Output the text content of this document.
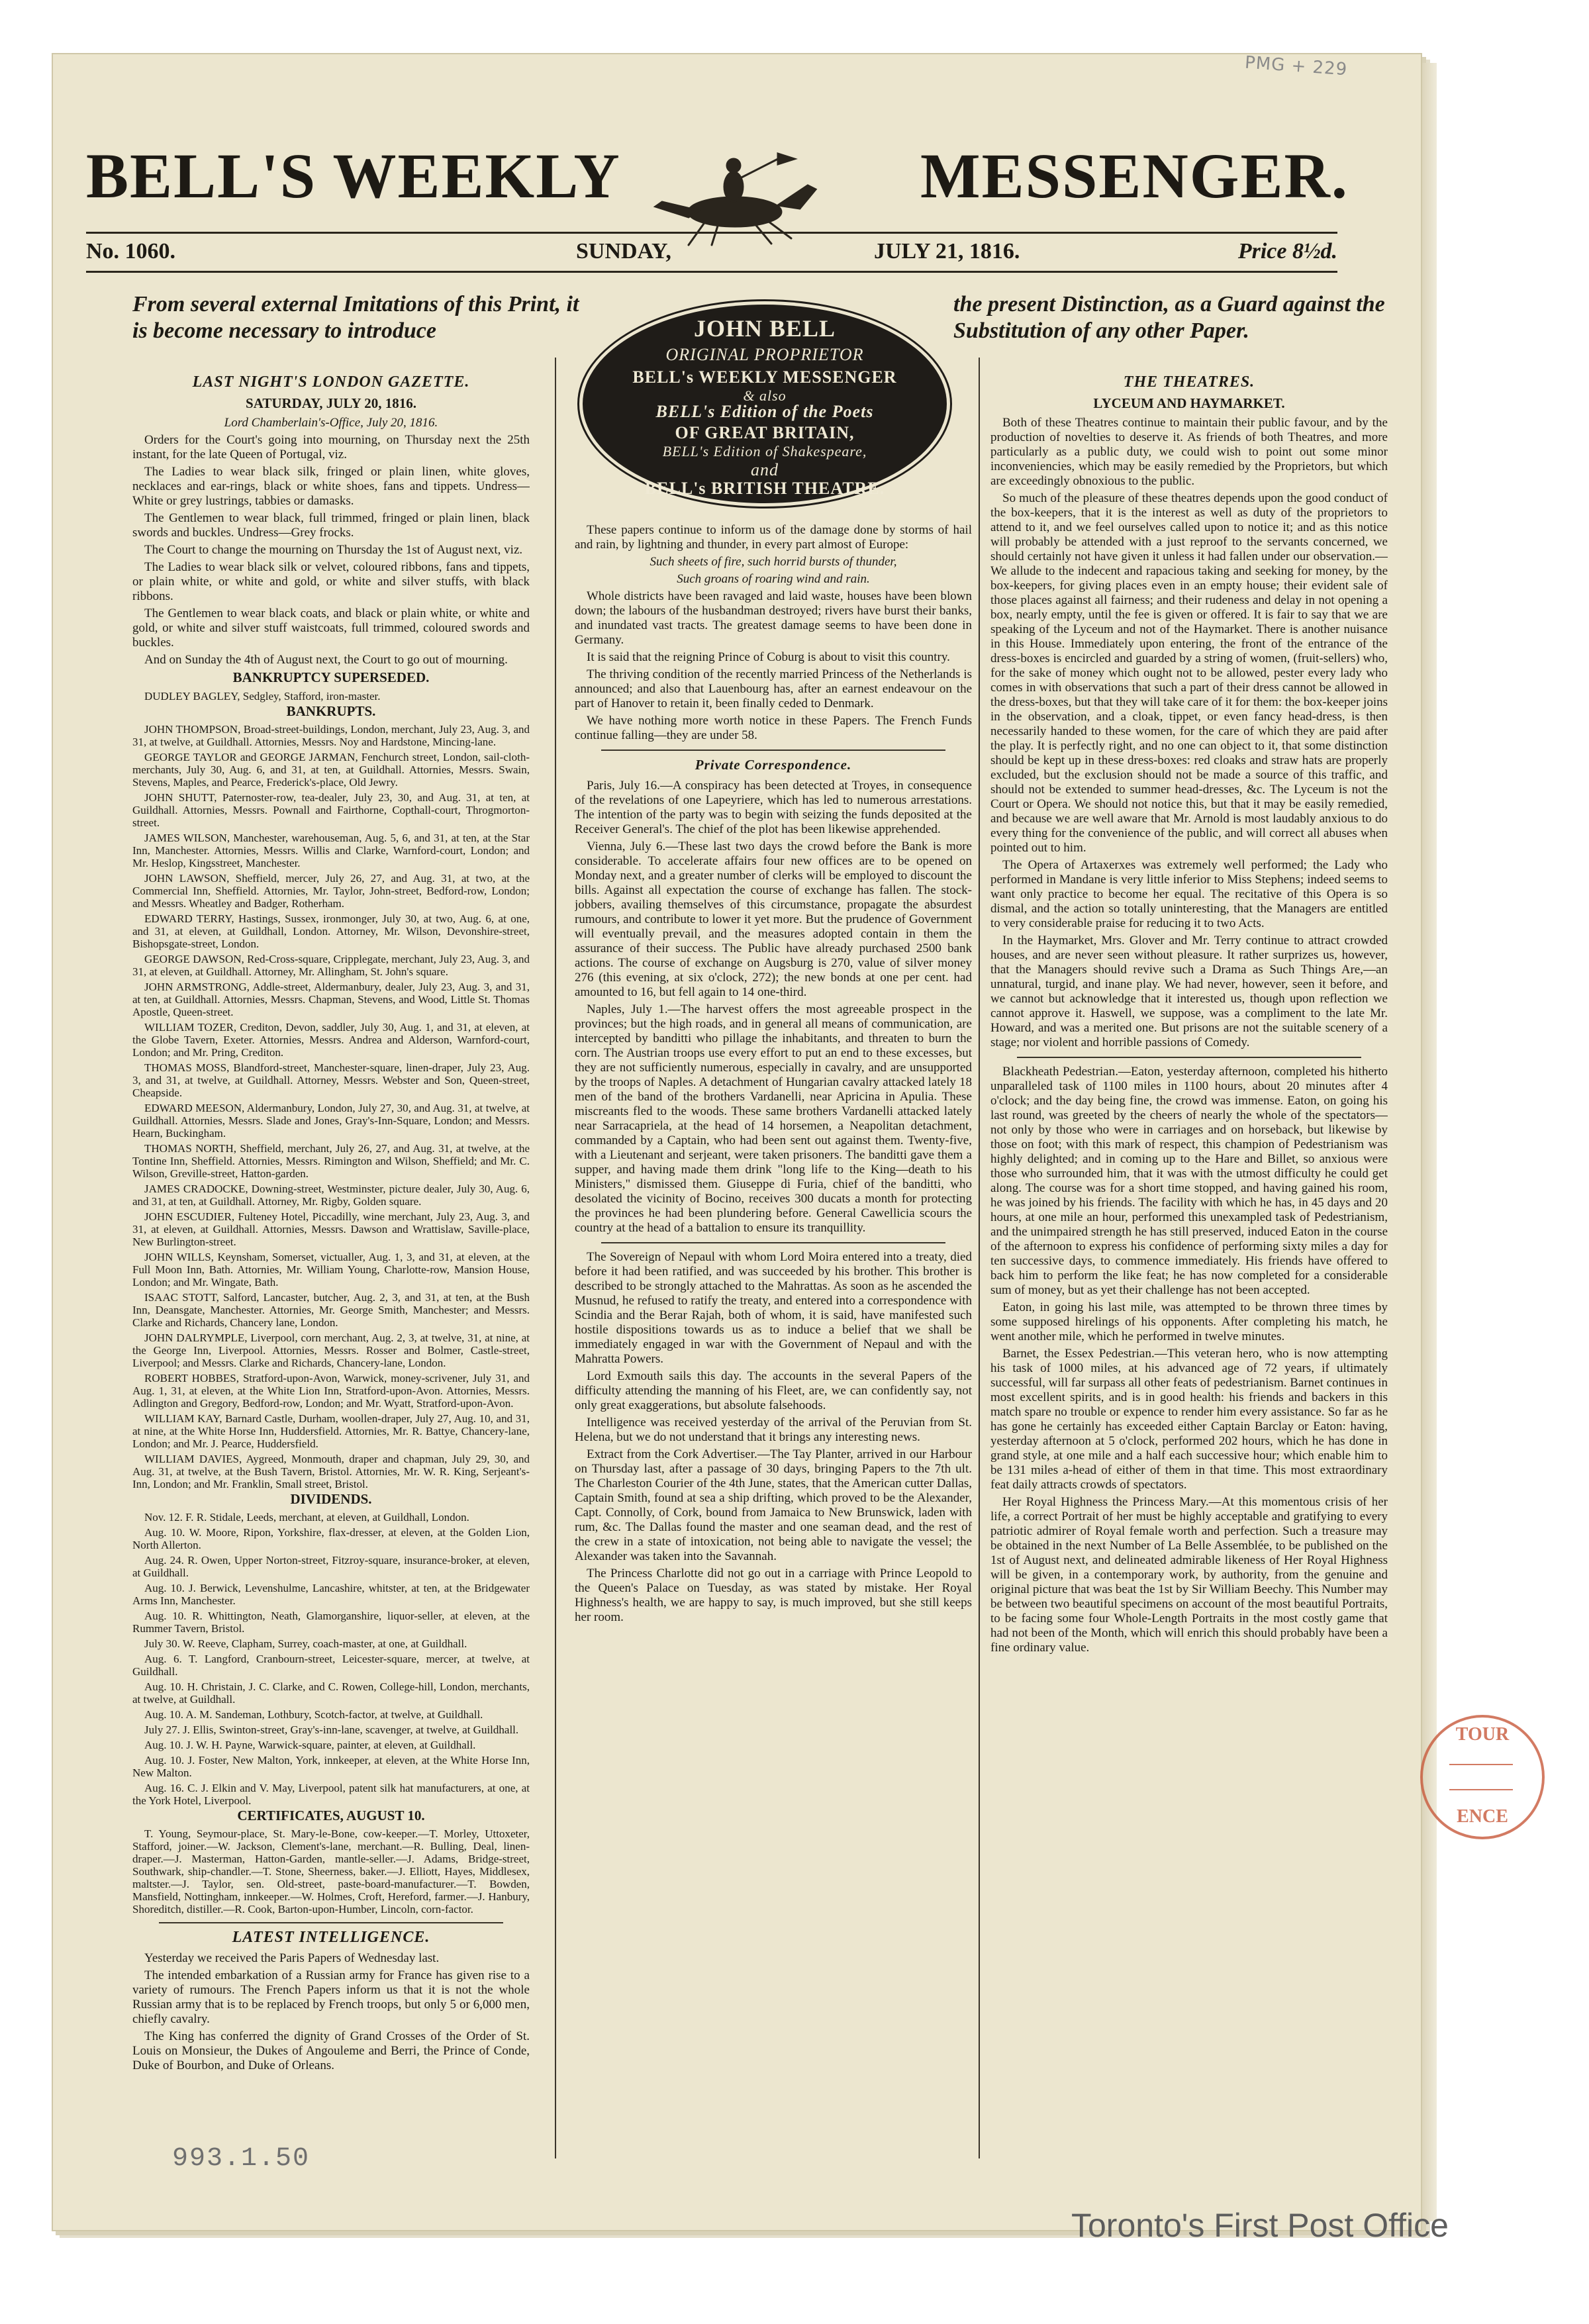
PMG + 229
BELL'S WEEKLY	MESSENGER.
No. 1060.	SUNDAY,	JULY 21, 1816.	Price 8½d.
From several external Imitations of this Print, it is become necessary to introduce
the present Distinction, as a Guard against the Substitution of any other Paper.
JOHN BELL
ORIGINAL PROPRIETOR
BELL's WEEKLY MESSENGER
& also
BELL's Edition of the Poets
OF GREAT BRITAIN,
BELL's Edition of Shakespeare,
and
BELL's BRITISH THEATRE.
LAST NIGHT'S LONDON GAZETTE.
SATURDAY, JULY 20, 1816.

Lord Chamberlain's-Office, July 20, 1816.

Orders for the Court's going into mourning, on Thursday next the 25th instant, for the late Queen of Portugal, viz.

The Ladies to wear black silk, fringed or plain linen, white gloves, necklaces and ear-rings, black or white shoes, fans and tippets. Undress—White or grey lustrings, tabbies or damasks.

The Gentlemen to wear black, full trimmed, fringed or plain linen, black swords and buckles. Undress—Grey frocks.

The Court to change the mourning on Thursday the 1st of August next, viz.

The Ladies to wear black silk or velvet, coloured ribbons, fans and tippets, or plain white, or white and gold, or white and silver stuffs, with black ribbons.

The Gentlemen to wear black coats, and black or plain white, or white and gold, or white and silver stuff waistcoats, full trimmed, coloured swords and buckles.

And on Sunday the 4th of August next, the Court to go out of mourning.

BANKRUPTCY SUPERSEDED.

DUDLEY BAGLEY, Sedgley, Stafford, iron-master.

BANKRUPTS.

JOHN THOMPSON, Broad-street-buildings, London, merchant, July 23, Aug. 3, and 31, at twelve, at Guildhall. Attornies, Messrs. Noy and Hardstone, Mincing-lane.

GEORGE TAYLOR and GEORGE JARMAN, Fenchurch street, London, sail-cloth-merchants, July 30, Aug. 6, and 31, at ten, at Guildhall. Attornies, Messrs. Swain, Stevens, Maples, and Pearce, Frederick's-place, Old Jewry.

JOHN SHUTT, Paternoster-row, tea-dealer, July 23, 30, and Aug. 31, at ten, at Guildhall. Attornies, Messrs. Pownall and Fairthorne, Copthall-court, Throgmorton-street.

JAMES WILSON, Manchester, warehouseman, Aug. 5, 6, and 31, at ten, at the Star Inn, Manchester. Attornies, Messrs. Willis and Clarke, Warnford-court, London; and Mr. Heslop, Kingsstreet, Manchester.

JOHN LAWSON, Sheffield, mercer, July 26, 27, and Aug. 31, at two, at the Commercial Inn, Sheffield. Attornies, Mr. Taylor, John-street, Bedford-row, London; and Messrs. Wheatley and Badger, Rotherham.

EDWARD TERRY, Hastings, Sussex, ironmonger, July 30, at two, Aug. 6, at one, and 31, at eleven, at Guildhall, London. Attorney, Mr. Wilson, Devonshire-street, Bishopsgate-street, London.

GEORGE DAWSON, Red-Cross-square, Cripplegate, merchant, July 23, Aug. 3, and 31, at eleven, at Guildhall. Attorney, Mr. Allingham, St. John's square.

JOHN ARMSTRONG, Addle-street, Aldermanbury, dealer, July 23, Aug. 3, and 31, at ten, at Guildhall. Attornies, Messrs. Chapman, Stevens, and Wood, Little St. Thomas Apostle, Queen-street.

WILLIAM TOZER, Crediton, Devon, saddler, July 30, Aug. 1, and 31, at eleven, at the Globe Tavern, Exeter. Attornies, Messrs. Andrea and Alderson, Warnford-court, London; and Mr. Pring, Crediton.

THOMAS MOSS, Blandford-street, Manchester-square, linen-draper, July 23, Aug. 3, and 31, at twelve, at Guildhall. Attorney, Messrs. Webster and Son, Queen-street, Cheapside.

EDWARD MEESON, Aldermanbury, London, July 27, 30, and Aug. 31, at twelve, at Guildhall. Attornies, Messrs. Slade and Jones, Gray's-Inn-Square, London; and Messrs. Hearn, Buckingham.

THOMAS NORTH, Sheffield, merchant, July 26, 27, and Aug. 31, at twelve, at the Tontine Inn, Sheffield. Attornies, Messrs. Rimington and Wilson, Sheffield; and Mr. C. Wilson, Greville-street, Hatton-garden.

JAMES CRADOCKE, Downing-street, Westminster, picture dealer, July 30, Aug. 6, and 31, at ten, at Guildhall. Attorney, Mr. Rigby, Golden square.

JOHN ESCUDIER, Fulteney Hotel, Piccadilly, wine merchant, July 23, Aug. 3, and 31, at eleven, at Guildhall. Attornies, Messrs. Dawson and Wrattislaw, Saville-place, New Burlington-street.

JOHN WILLS, Keynsham, Somerset, victualler, Aug. 1, 3, and 31, at eleven, at the Full Moon Inn, Bath. Attornies, Mr. William Young, Charlotte-row, Mansion House, London; and Mr. Wingate, Bath.

ISAAC STOTT, Salford, Lancaster, butcher, Aug. 2, 3, and 31, at ten, at the Bush Inn, Deansgate, Manchester. Attornies, Mr. George Smith, Manchester; and Messrs. Clarke and Richards, Chancery lane, London.

JOHN DALRYMPLE, Liverpool, corn merchant, Aug. 2, 3, at twelve, 31, at nine, at the George Inn, Liverpool. Attornies, Messrs. Rosser and Bolmer, Castle-street, Liverpool; and Messrs. Clarke and Richards, Chancery-lane, London.

ROBERT HOBBES, Stratford-upon-Avon, Warwick, money-scrivener, July 31, and Aug. 1, 31, at eleven, at the White Lion Inn, Stratford-upon-Avon. Attornies, Messrs. Adlington and Gregory, Bedford-row, London; and Mr. Wyatt, Stratford-upon-Avon.

WILLIAM KAY, Barnard Castle, Durham, woollen-draper, July 27, Aug. 10, and 31, at nine, at the White Horse Inn, Huddersfield. Attornies, Mr. R. Battye, Chancery-lane, London; and Mr. J. Pearce, Huddersfield.

WILLIAM DAVIES, Aygreed, Monmouth, draper and chapman, July 29, 30, and Aug. 31, at twelve, at the Bush Tavern, Bristol. Attornies, Mr. W. R. King, Serjeant's-Inn, London; and Mr. Franklin, Small street, Bristol.

DIVIDENDS.

Nov. 12. F. R. Stidale, Leeds, merchant, at eleven, at Guildhall, London.

Aug. 10. W. Moore, Ripon, Yorkshire, flax-dresser, at eleven, at the Golden Lion, North Allerton.

Aug. 24. R. Owen, Upper Norton-street, Fitzroy-square, insurance-broker, at eleven, at Guildhall.

Aug. 10. J. Berwick, Levenshulme, Lancashire, whitster, at ten, at the Bridgewater Arms Inn, Manchester.

Aug. 10. R. Whittington, Neath, Glamorganshire, liquor-seller, at eleven, at the Rummer Tavern, Bristol.

July 30. W. Reeve, Clapham, Surrey, coach-master, at one, at Guildhall.

Aug. 6. T. Langford, Cranbourn-street, Leicester-square, mercer, at twelve, at Guildhall.

Aug. 10. H. Christain, J. C. Clarke, and C. Rowen, College-hill, London, merchants, at twelve, at Guildhall.

Aug. 10. A. M. Sandeman, Lothbury, Scotch-factor, at twelve, at Guildhall.

July 27. J. Ellis, Swinton-street, Gray's-inn-lane, scavenger, at twelve, at Guildhall.

Aug. 10. J. W. H. Payne, Warwick-square, painter, at eleven, at Guildhall.

Aug. 10. J. Foster, New Malton, York, innkeeper, at eleven, at the White Horse Inn, New Malton.

Aug. 16. C. J. Elkin and V. May, Liverpool, patent silk hat manufacturers, at one, at the York Hotel, Liverpool.

CERTIFICATES, AUGUST 10.

T. Young, Seymour-place, St. Mary-le-Bone, cow-keeper.—T. Morley, Uttoxeter, Stafford, joiner.—W. Jackson, Clement's-lane, merchant.—R. Bulling, Deal, linen-draper.—J. Masterman, Hatton-Garden, mantle-seller.—J. Adams, Bridge-street, Southwark, ship-chandler.—T. Stone, Sheerness, baker.—J. Elliott, Hayes, Middlesex, maltster.—J. Taylor, sen. Old-street, paste-board-manufacturer.—T. Bowden, Mansfield, Nottingham, innkeeper.—W. Holmes, Croft, Hereford, farmer.—J. Hanbury, Shoreditch, distiller.—R. Cook, Barton-upon-Humber, Lincoln, corn-factor.

LATEST INTELLIGENCE.

Yesterday we received the Paris Papers of Wednesday last.

The intended embarkation of a Russian army for France has given rise to a variety of rumours. The French Papers inform us that it is not the whole Russian army that is to be replaced by French troops, but only 5 or 6,000 men, chiefly cavalry.

The King has conferred the dignity of Grand Crosses of the Order of St. Louis on Monsieur, the Dukes of Angouleme and Berri, the Prince of Conde, Duke of Bourbon, and Duke of Orleans.

These papers continue to inform us of the damage done by storms of hail and rain, by lightning and thunder, in every part almost of Europe:

Such sheets of fire, such horrid bursts of thunder,

Such groans of roaring wind and rain.

Whole districts have been ravaged and laid waste, houses have been blown down; the labours of the husbandman destroyed; rivers have burst their banks, and inundated vast tracts. The greatest damage seems to have been done in Germany.

It is said that the reigning Prince of Coburg is about to visit this country.

The thriving condition of the recently married Princess of the Netherlands is announced; and also that Lauenbourg has, after an earnest endeavour on the part of Hanover to retain it, been finally ceded to Denmark.

We have nothing more worth notice in these Papers. The French Funds continue falling—they are under 58.

Private Correspondence.

Paris, July 16.—A conspiracy has been detected at Troyes, in consequence of the revelations of one Lapeyriere, which has led to numerous arrestations. The intention of the party was to begin with seizing the funds deposited at the Receiver General's. The chief of the plot has been likewise apprehended.

Vienna, July 6.—These last two days the crowd before the Bank is more considerable. To accelerate affairs four new offices are to be opened on Monday next, and a greater number of clerks will be employed to discount the bills. Against all expectation the course of exchange has fallen. The stock-jobbers, availing themselves of this circumstance, propagate the absurdest rumours, and contribute to lower it yet more. But the prudence of Government will eventually prevail, and the measures adopted contain in them the assurance of their success. The Public have already purchased 2500 bank actions. The course of exchange on Augsburg is 270, value of silver money 276 (this evening, at six o'clock, 272); the new bonds at one per cent. had amounted to 16, but fell again to 14 one-third.

Naples, July 1.—The harvest offers the most agreeable prospect in the provinces; but the high roads, and in general all means of communication, are intercepted by banditti who pillage the inhabitants, and threaten to burn the corn. The Austrian troops use every effort to put an end to these excesses, but they are not sufficiently numerous, especially in cavalry, and are unsupported by the troops of Naples. A detachment of Hungarian cavalry attacked lately 18 men of the band of the brothers Vardanelli, near Apricina in Apulia. These miscreants fled to the woods. These same brothers Vardanelli attacked lately near Sarracapriela, at the head of 14 horsemen, a Neapolitan detachment, commanded by a Captain, who had been sent out against them. Twenty-five, with a Lieutenant and serjeant, were taken prisoners. The banditti gave them a supper, and having made them drink "long life to the King—death to his Ministers," dismissed them. Giuseppe di Furia, chief of the banditti, who desolated the vicinity of Bocino, receives 300 ducats a month for protecting the provinces he had been plundering before. General Cawellicia scours the country at the head of a battalion to ensure its tranquillity.

The Sovereign of Nepaul with whom Lord Moira entered into a treaty, died before it had been ratified, and was succeeded by his brother. This brother is described to be strongly attached to the Mahrattas. As soon as he ascended the Musnud, he refused to ratify the treaty, and entered into a correspondence with Scindia and the Berar Rajah, both of whom, it is said, have manifested such hostile dispositions towards us as to induce a belief that we shall be immediately engaged in war with the Government of Nepaul and with the Mahratta Powers.

Lord Exmouth sails this day. The accounts in the several Papers of the difficulty attending the manning of his Fleet, are, we can confidently say, not only great exaggerations, but absolute falsehoods.

Intelligence was received yesterday of the arrival of the Peruvian from St. Helena, but we do not understand that it brings any interesting news.

Extract from the Cork Advertiser.—The Tay Planter, arrived in our Harbour on Thursday last, after a passage of 30 days, bringing Papers to the 7th ult. The Charleston Courier of the 4th June, states, that the American cutter Dallas, Captain Smith, found at sea a ship drifting, which proved to be the Alexander, Capt. Connolly, of Cork, bound from Jamaica to New Brunswick, laden with rum, &c. The Dallas found the master and one seaman dead, and the rest of the crew in a state of intoxication, not being able to navigate the vessel; the Alexander was taken into the Savannah.

The Princess Charlotte did not go out in a carriage with Prince Leopold to the Queen's Palace on Tuesday, as was stated by mistake. Her Royal Highness's health, we are happy to say, is much improved, but she still keeps her room.

THE THEATRES.
LYCEUM AND HAYMARKET.

Both of these Theatres continue to maintain their public favour, and by the production of novelties to deserve it. As friends of both Theatres, and more particularly as a public duty, we could wish to point out some minor inconveniencies, which may be easily remedied by the Proprietors, but which are exceedingly obnoxious to the public.

So much of the pleasure of these theatres depends upon the good conduct of the box-keepers, that it is the interest as well as duty of the proprietors to attend to it, and we feel ourselves called upon to notice it; and as this notice will probably be attended with a just reproof to the servants concerned, we should certainly not have given it unless it had fallen under our observation.—We allude to the indecent and rapacious taking and seeking for money, by the box-keepers, for giving places even in an empty house; their evident sale of those places against all fairness; and their rudeness and delay in not opening a box, nearly empty, until the fee is given or offered. It is fair to say that we are speaking of the Lyceum and not of the Haymarket. There is another nuisance in this House. Immediately upon entering, the front of the entrance of the dress-boxes is encircled and guarded by a string of women, (fruit-sellers) who, for the sake of money which ought not to be allowed, pester every lady who comes in with observations that such a part of their dress cannot be allowed in the dress-boxes, but that they will take care of it for them: the box-keeper joins in the observation, and a cloak, tippet, or even fancy head-dress, is then necessarily handed to these women, for the care of which they are paid after the play. It is perfectly right, and no one can object to it, that some distinction should be kept up in these dress-boxes: red cloaks and straw hats are properly excluded, but the exclusion should not be made a source of this traffic, and should not be extended to summer head-dresses, &c. The Lyceum is not the Court or Opera. We should not notice this, but that it may be easily remedied, and because we are well aware that Mr. Arnold is most laudably anxious to do every thing for the convenience of the public, and will correct all abuses when pointed out to him.

The Opera of Artaxerxes was extremely well performed; the Lady who performed in Mandane is very little inferior to Miss Stephens; indeed seems to want only practice to become her equal. The recitative of this Opera is so dismal, and the action so totally uninteresting, that the Managers are entitled to very considerable praise for reducing it to two Acts.

In the Haymarket, Mrs. Glover and Mr. Terry continue to attract crowded houses, and are never seen without pleasure. It rather surprizes us, however, that the Managers should revive such a Drama as Such Things Are,—an unnatural, turgid, and inane play. We had never, however, seen it before, and we cannot but acknowledge that it interested us, though upon reflection we cannot approve it. Haswell, we suppose, was a compliment to the late Mr. Howard, and was a merited one. But prisons are not the suitable scenery of a stage; nor violent and horrible passions of Comedy.

Blackheath Pedestrian.—Eaton, yesterday afternoon, completed his hitherto unparalleled task of 1100 miles in 1100 hours, about 20 minutes after 4 o'clock; and the day being fine, the crowd was immense. Eaton, on going his last round, was greeted by the cheers of nearly the whole of the spectators—not only by those who were in carriages and on horseback, but likewise by those on foot; with this mark of respect, this champion of Pedestrianism was highly delighted; and in coming up to the Hare and Billet, so anxious were those who surrounded him, that it was with the utmost difficulty he could get along. The course was for a short time stopped, and having gained his room, he was joined by his friends. The facility with which he has, in 45 days and 20 hours, at one mile an hour, performed this unexampled task of Pedestrianism, and the unimpaired strength he has still preserved, induced Eaton in the course of the afternoon to express his confidence of performing sixty miles a day for ten successive days, to commence immediately. His friends have offered to back him to perform the like feat; he has now completed for a considerable sum of money, but as yet their challenge has not been accepted.

Eaton, in going his last mile, was attempted to be thrown three times by some supposed hirelings of his opponents. After completing his match, he went another mile, which he performed in twelve minutes.

Barnet, the Essex Pedestrian.—This veteran hero, who is now attempting his task of 1000 miles, at his advanced age of 72 years, if ultimately successful, will far surpass all other feats of pedestrianism. Barnet continues in most excellent spirits, and is in good health: his friends and backers in this match spare no trouble or expence to render him every assistance. So far as he has gone he certainly has exceeded either Captain Barclay or Eaton: having, yesterday afternoon at 5 o'clock, performed 202 hours, which he has done in grand style, at one mile and a half each successive hour; which enable him to be 131 miles a-head of either of them in that time. This most extraordinary feat daily attracts crowds of spectators.

Her Royal Highness the Princess Mary.—At this momentous crisis of her life, a correct Portrait of her must be highly acceptable and gratifying to every patriotic admirer of Royal female worth and perfection. Such a treasure may be obtained in the next Number of La Belle Assemblée, to be published on the 1st of August next, and delineated admirable likeness of Her Royal Highness will be given, in a contemporary work, by authority, from the genuine and original picture that was beat the 1st by Sir William Beechy. This Number may be between two beautiful specimens on account of the most beautiful Portraits, to be facing some four Whole-Length Portraits in the most costly game that had not been of the Month, which will enrich this should probably have been a fine ordinary value.

993.1.50
TOUR
ENCE
Toronto's First Post Office
